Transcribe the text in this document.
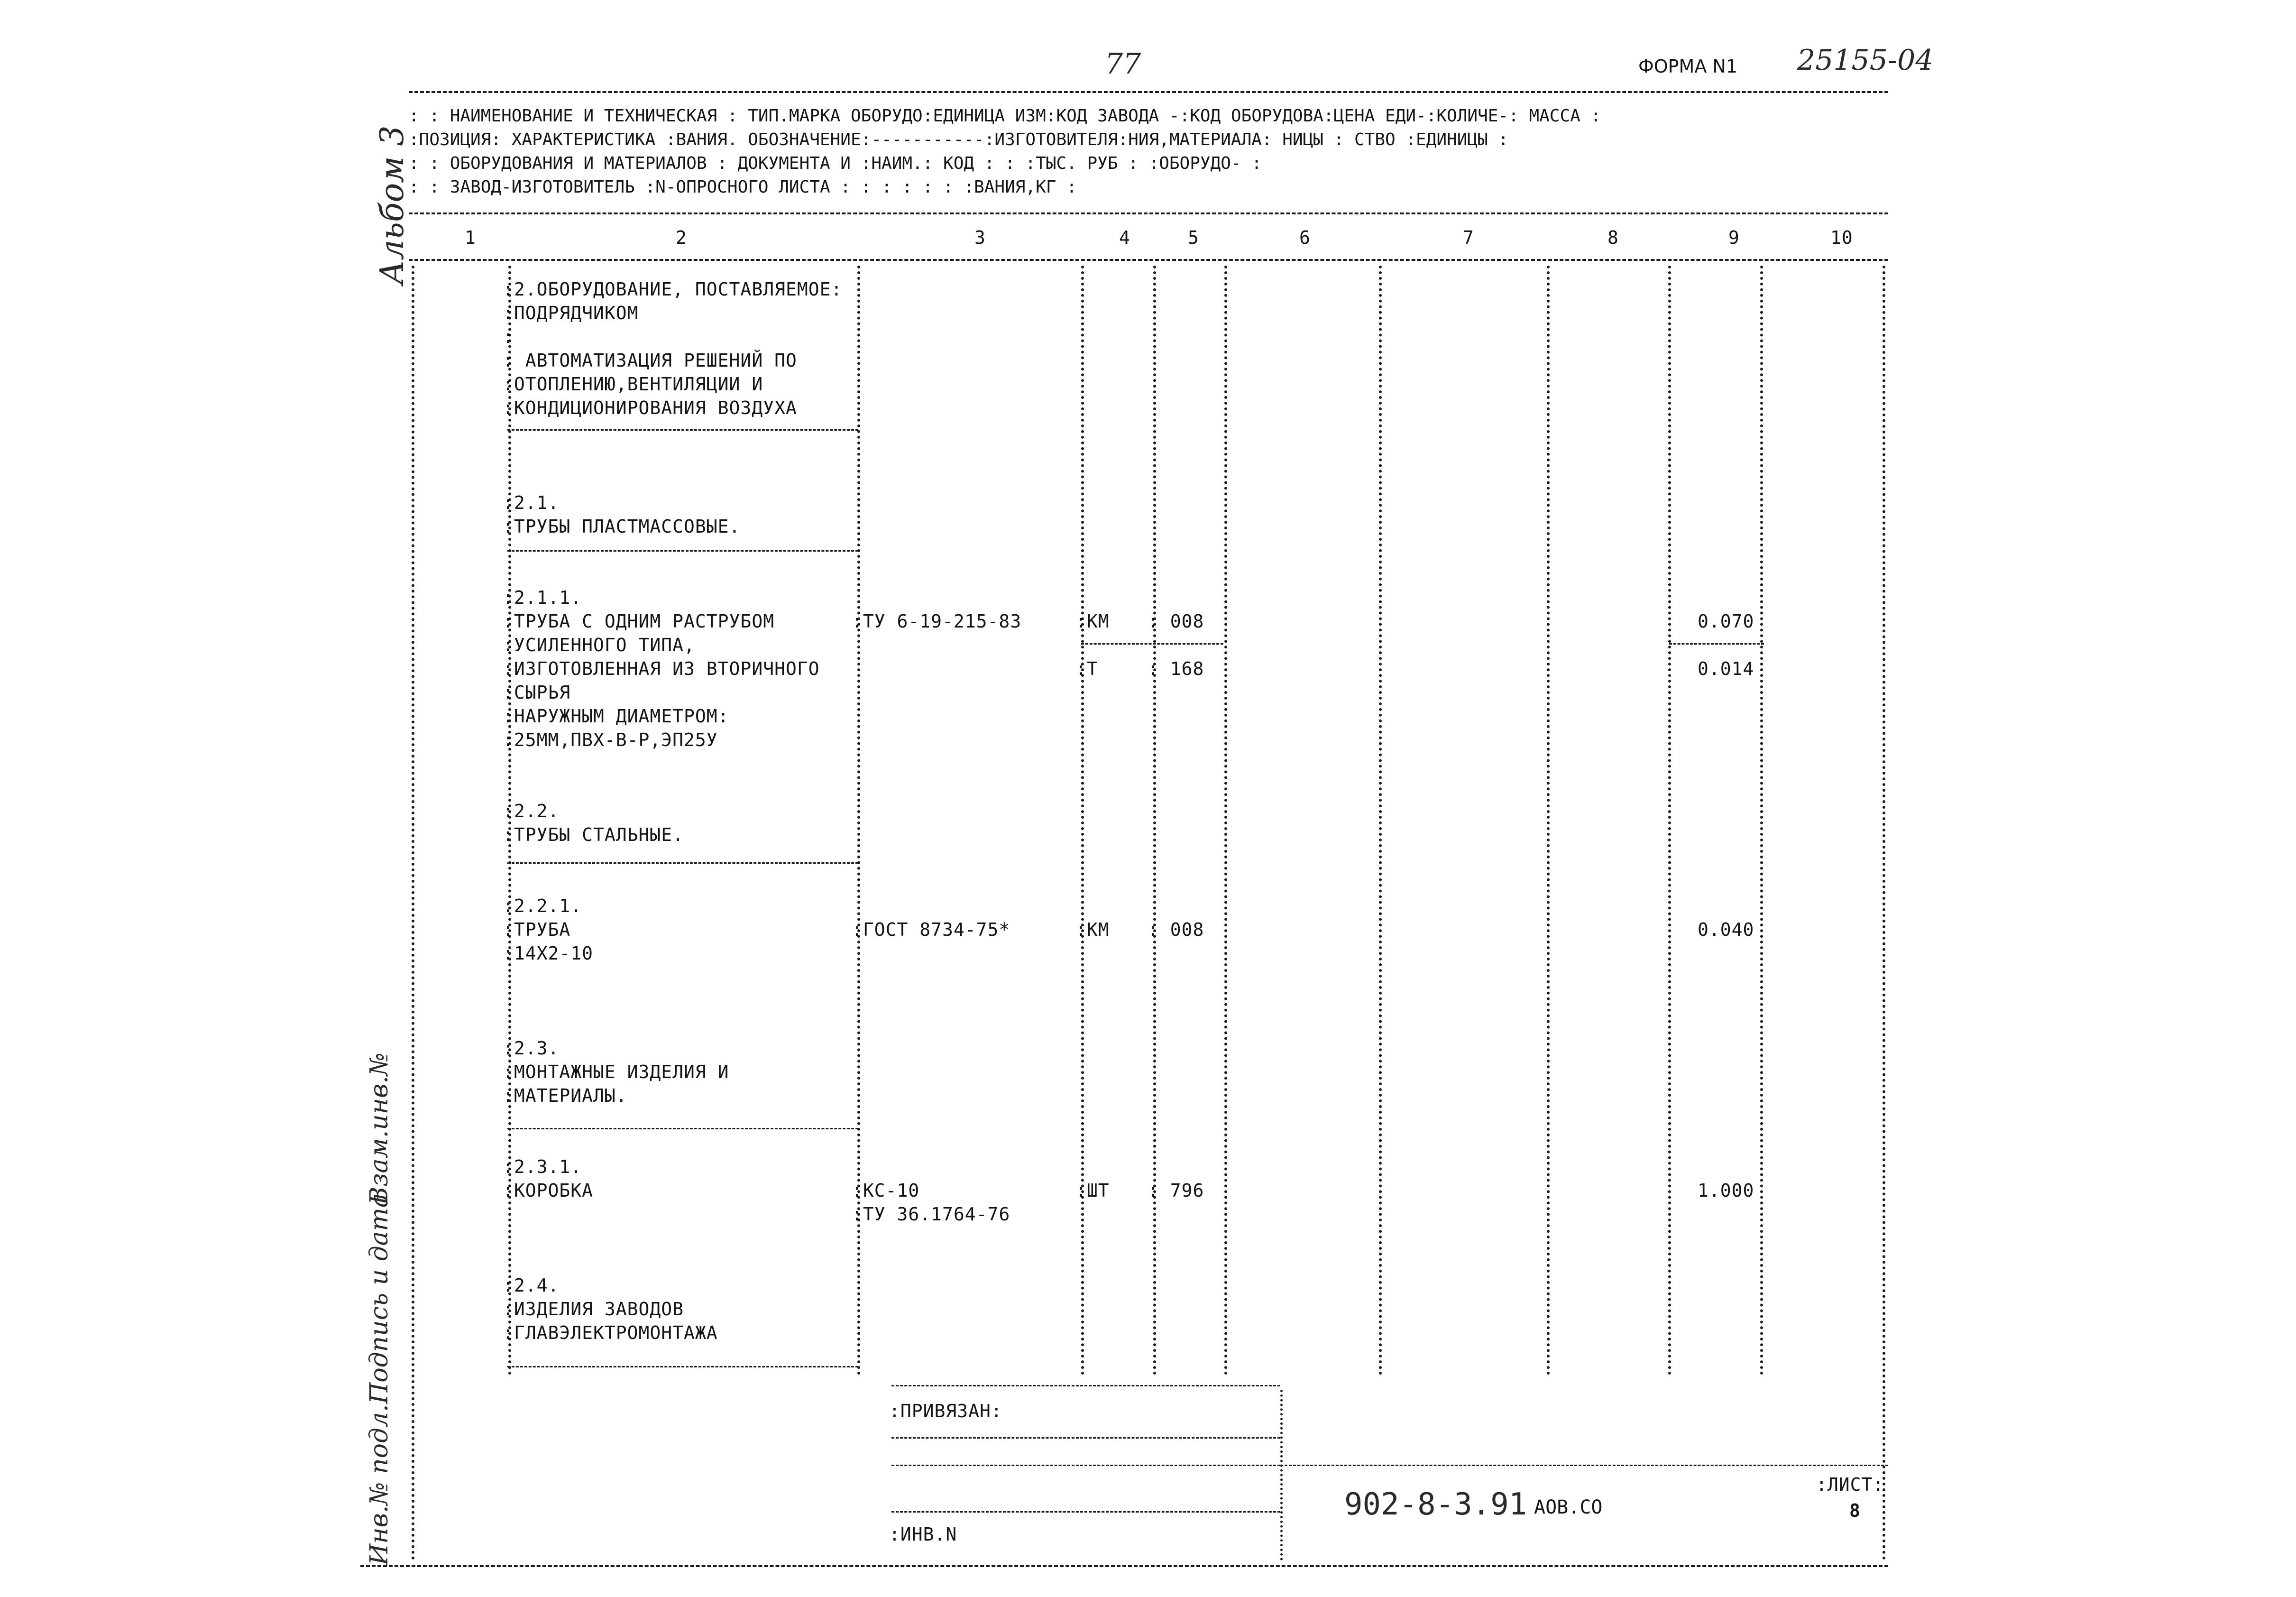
77	ФОРМА N1 25155-04
Альбом 3
Инв.№ подл.
Подпись и дата
Взам.инв.№
: : НАИМЕНОВАНИЕ И ТЕХНИЧЕСКАЯ : ТИП.МАРКА ОБОРУДО:ЕДИНИЦА ИЗМ:КОД ЗАВОДА -:КОД ОБОРУДОВА:ЦЕНА ЕДИ-:КОЛИЧЕ-: МАССА :
:ПОЗИЦИЯ: ХАРАКТЕРИСТИКА :ВАНИЯ. ОБОЗНАЧЕНИЕ:-----------:ИЗГОТОВИТЕЛЯ:НИЯ,МАТЕРИАЛА: НИЦЫ : СТВО :ЕДИНИЦЫ :
: : ОБОРУДОВАНИЯ И МАТЕРИАЛОВ : ДОКУМЕНТА И :НАИМ.: КОД : : :ТЫС. РУБ : :ОБОРУДО- :
: : ЗАВОД-ИЗГОТОВИТЕЛЬ :N-ОПРОСНОГО ЛИСТА : : : : : : :ВАНИЯ,КГ :
1	2	3	4	5	6	7	8	9	10
:2.ОБОРУДОВАНИЕ, ПОСТАВЛЯЕМОЕ:
:ПОДРЯДЧИКОМ
:
: АВТОМАТИЗАЦИЯ РЕШЕНИЙ ПО
:ОТОПЛЕНИЮ,ВЕНТИЛЯЦИИ И
:КОНДИЦИОНИРОВАНИЯ ВОЗДУХА
:2.1.
:ТРУБЫ ПЛАСТМАССОВЫЕ.
:2.1.1.
:ТРУБА С ОДНИМ РАСТРУБОМ	:ТУ 6-19-215-83	:КМ : 008	0.070
:УСИЛЕННОГО ТИПА,
:ИЗГОТОВЛЕННАЯ ИЗ ВТОРИЧНОГО	:Т	: 168	0.014
:СЫРЬЯ
:НАРУЖНЫМ ДИАМЕТРОМ:
:25ММ,ПВХ-В-Р,ЭП25У
:2.2.
:ТРУБЫ СТАЛЬНЫЕ.
:2.2.1.
:ТРУБА	:ГОСТ 8734-75*	:КМ : 008	0.040
:14Х2-10
:2.3.
:МОНТАЖНЫЕ ИЗДЕЛИЯ И
:МАТЕРИАЛЫ.
:2.3.1.
:КОРОБКА	:КС-10	:ШТ : 796	1.000
:ТУ 36.1764-76
:2.4.
:ИЗДЕЛИЯ ЗАВОДОВ
:ГЛАВЭЛЕКТРОМОНТАЖА
:ПРИВЯЗАН:
:ИНВ.N
902-8-3.91 АОВ.СО
:ЛИСТ:
8
